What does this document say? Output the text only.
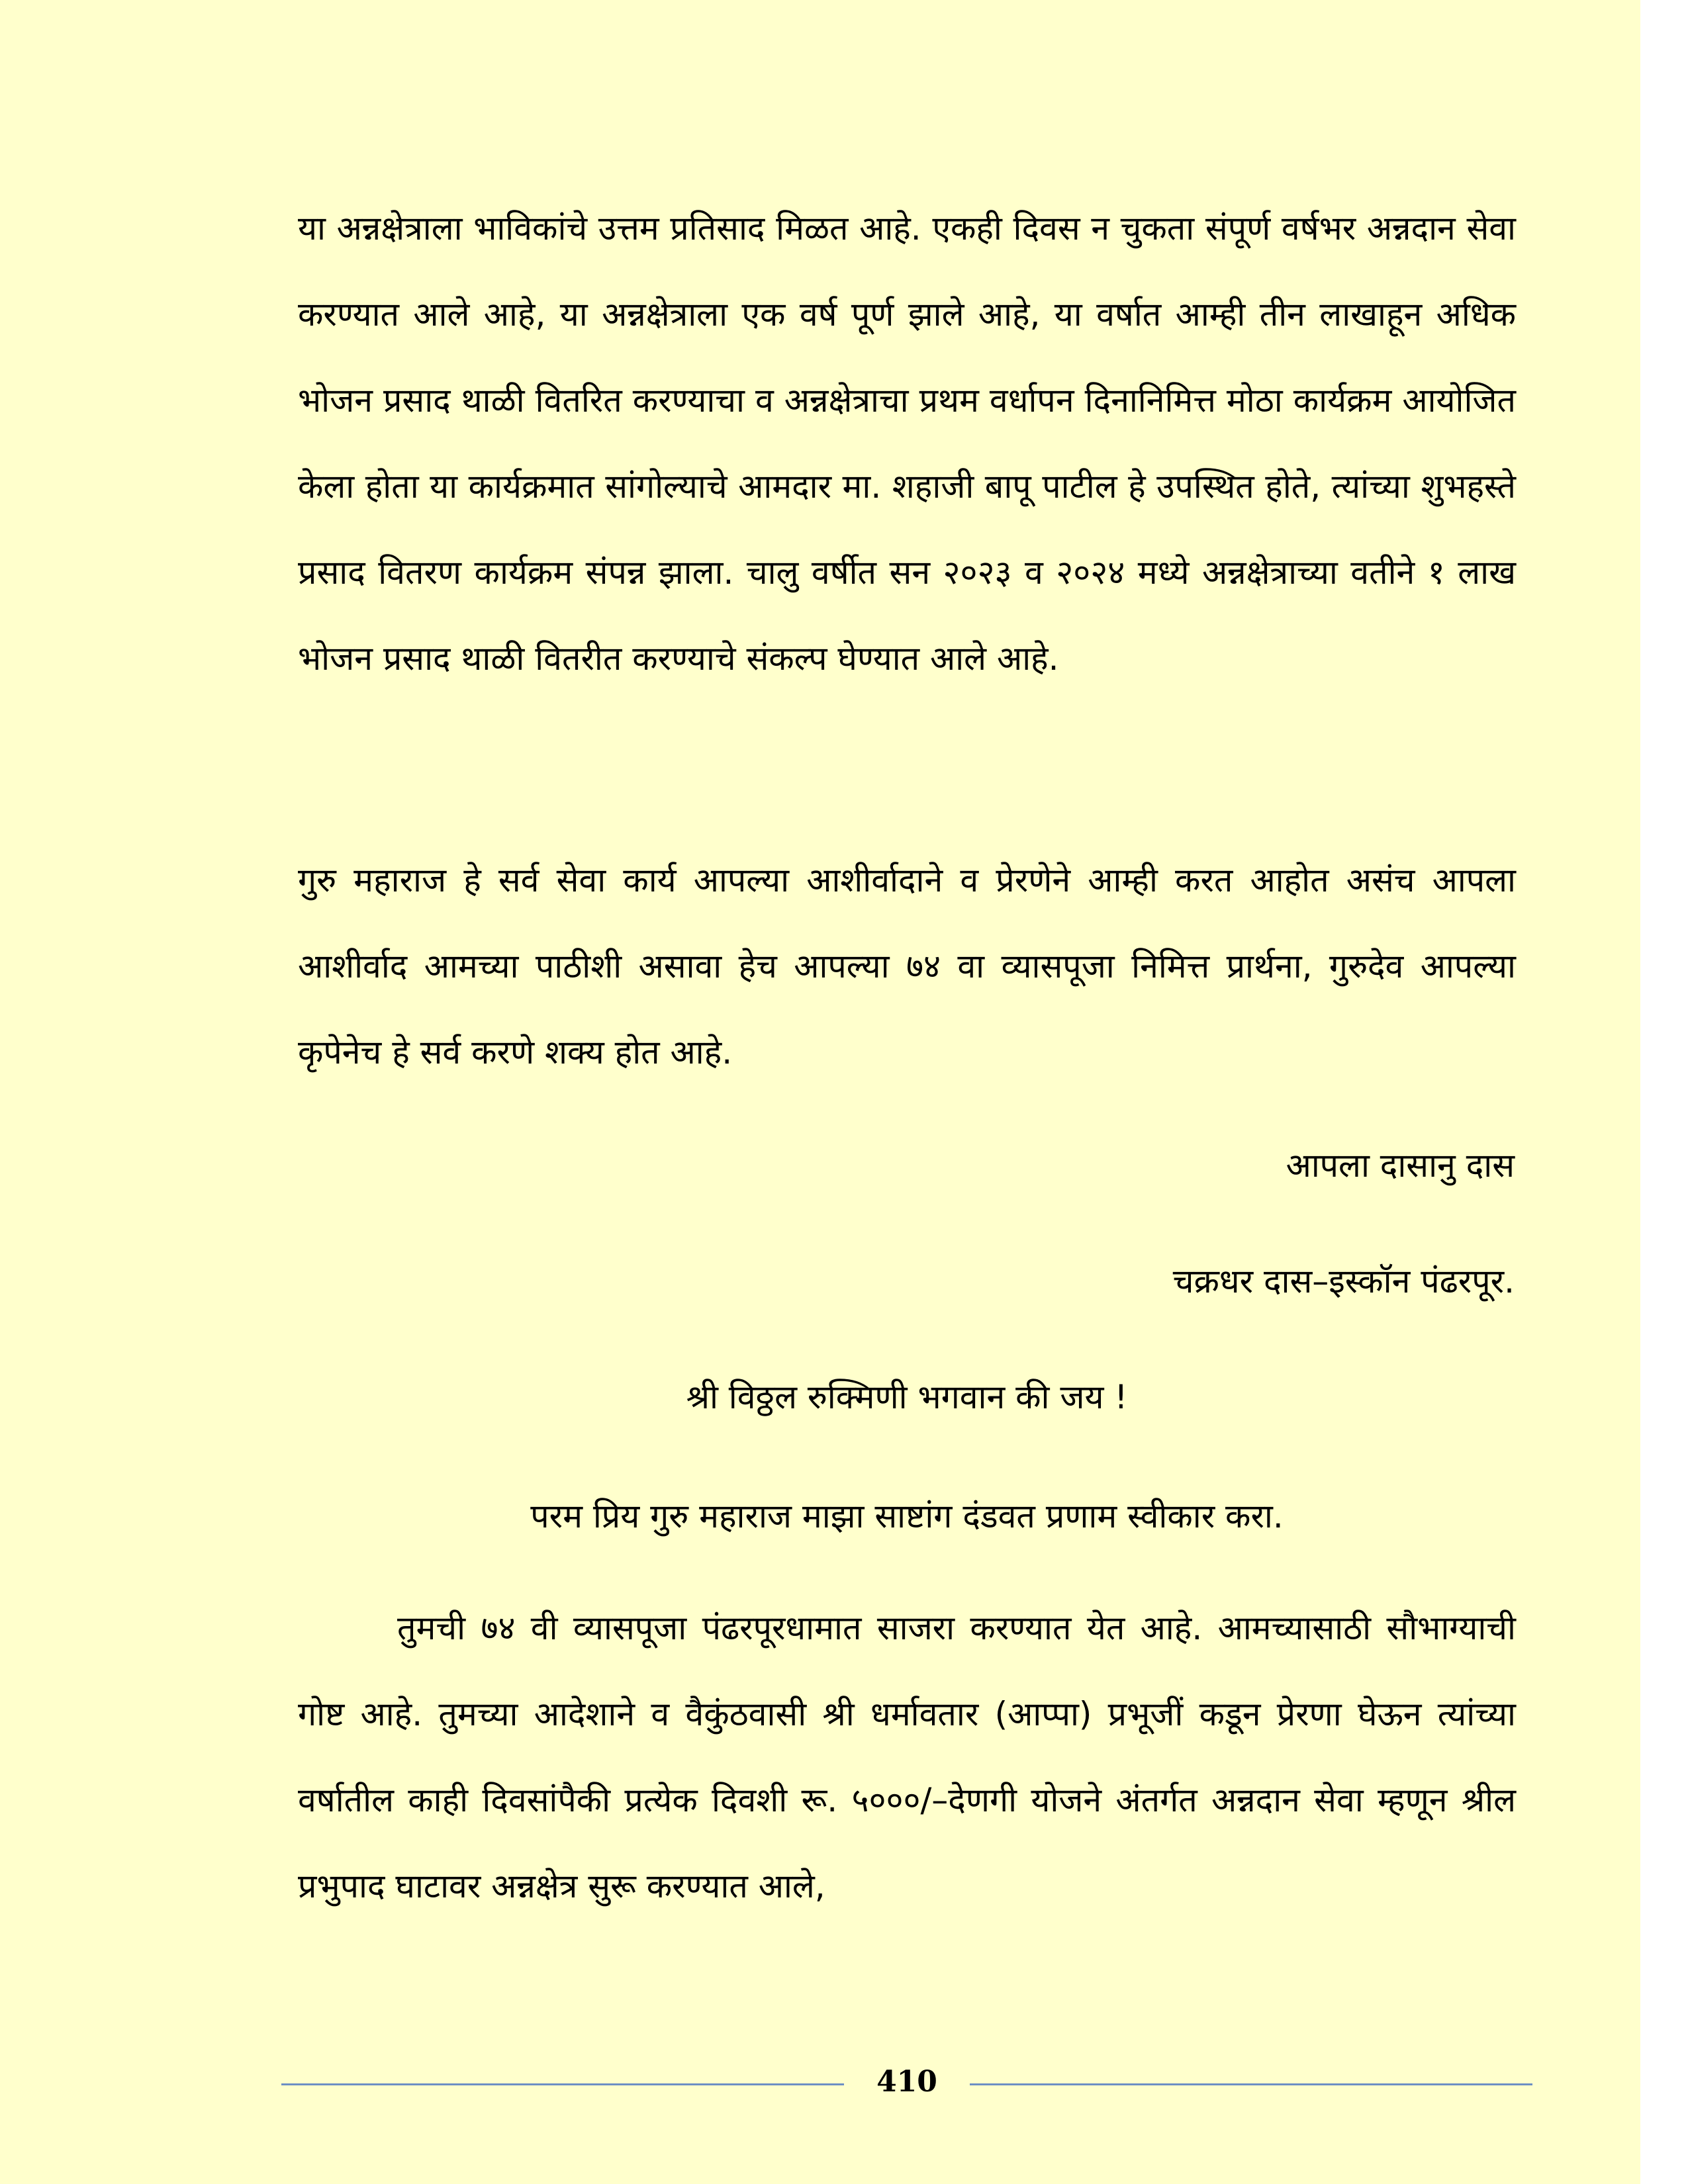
या अन्नक्षेत्राला भाविकांचे उत्तम प्रतिसाद मिळत आहे. एकही दिवस न चुकता संपूर्ण वर्षभर अन्नदान सेवा करण्यात आले आहे, या अन्नक्षेत्राला एक वर्ष पूर्ण झाले आहे, या वर्षात आम्ही तीन लाखाहून अधिक भोजन प्रसाद थाळी वितरित करण्याचा व अन्नक्षेत्राचा प्रथम वर्धापन दिनानिमित्त मोठा कार्यक्रम आयोजित केला होता या कार्यक्रमात सांगोल्याचे आमदार मा. शहाजी बापू पाटील हे उपस्थित होते, त्यांच्या शुभहस्ते प्रसाद वितरण कार्यक्रम संपन्न झाला. चालु वर्षीत सन २०२३ व २०२४ मध्ये अन्नक्षेत्राच्या वतीने १ लाख भोजन प्रसाद थाळी वितरीत करण्याचे संकल्प घेण्यात आले आहे.
गुरु महाराज हे सर्व सेवा कार्य आपल्या आशीर्वादाने व प्रेरणेने आम्ही करत आहोत असंच आपला आशीर्वाद आमच्या पाठीशी असावा हेच आपल्या ७४ वा व्यासपूजा निमित्त प्रार्थना, गुरुदेव आपल्या कृपेनेच हे सर्व करणे शक्य होत आहे.
आपला दासानु दास
चक्रधर दास–इस्कॉन पंढरपूर.
श्री विठ्ठल रुक्मिणी भगवान की जय !
परम प्रिय गुरु महाराज माझा साष्टांग दंडवत प्रणाम स्वीकार करा.
तुमची ७४ वी व्यासपूजा पंढरपूरधामात साजरा करण्यात येत आहे. आमच्यासाठी सौभाग्याची गोष्ट आहे. तुमच्या आदेशाने व वैकुंठवासी श्री धर्मावतार (आप्पा) प्रभूजीं कडून प्रेरणा घेऊन त्यांच्या वर्षातील काही दिवसांपैकी प्रत्येक दिवशी रू. ५०००/–देणगी योजने अंतर्गत अन्नदान सेवा म्हणून श्रील प्रभुपाद घाटावर अन्नक्षेत्र सुरू करण्यात आले,
410
